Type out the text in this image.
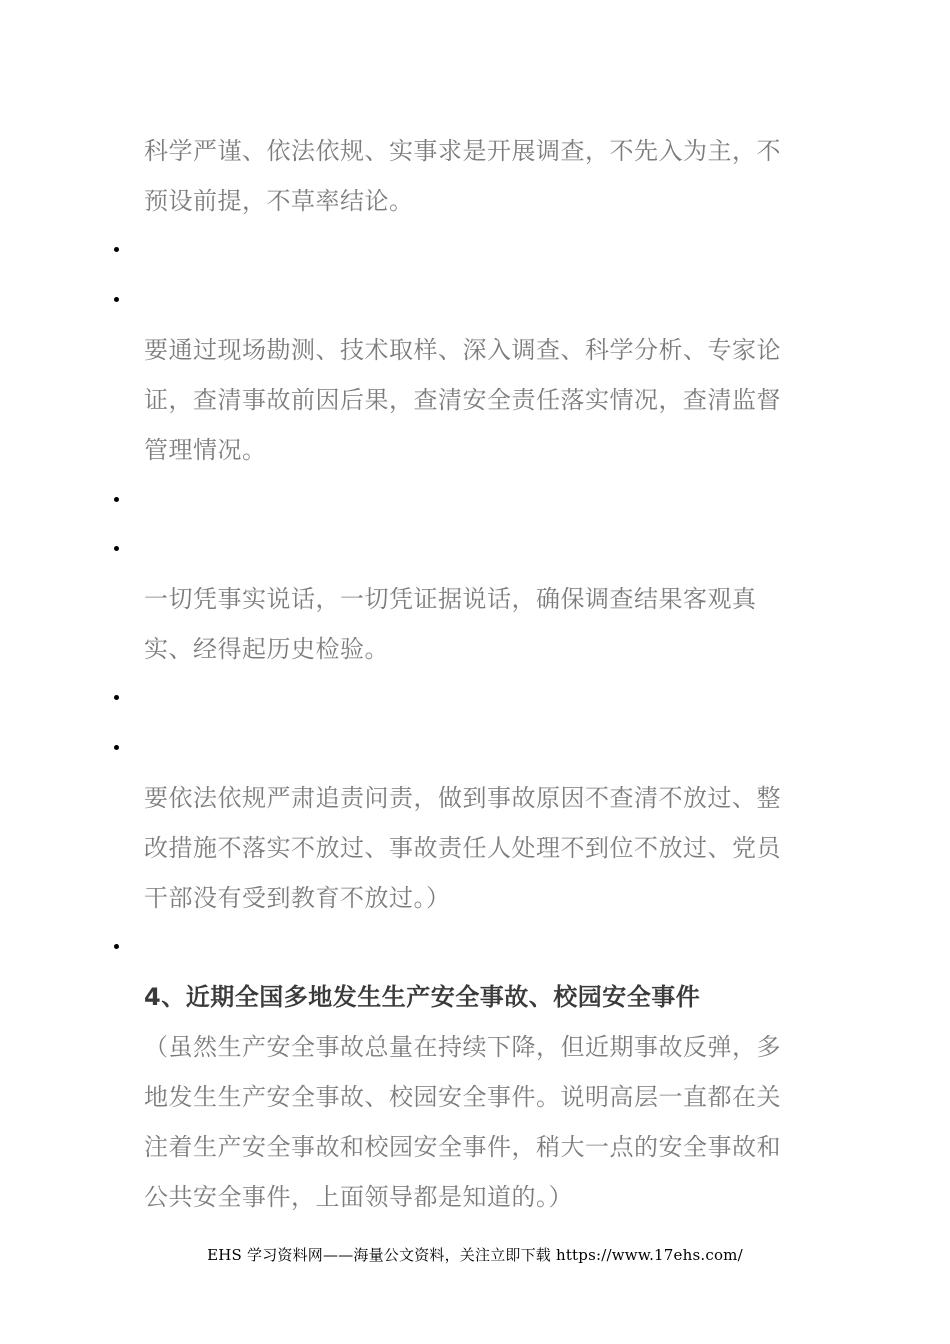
科学严谨、依法依规、实事求是开展调查，不先入为主，不预设前提，不草率结论。
要通过现场勘测、技术取样、深入调查、科学分析、专家论证，查清事故前因后果，查清安全责任落实情况，查清监督管理情况。
一切凭事实说话，一切凭证据说话，确保调查结果客观真实、经得起历史检验。
要依法依规严肃追责问责，做到事故原因不查清不放过、整改措施不落实不放过、事故责任人处理不到位不放过、党员干部没有受到教育不放过。）
4、近期全国多地发生生产安全事故、校园安全事件
（虽然生产安全事故总量在持续下降，但近期事故反弹，多地发生生产安全事故、校园安全事件。说明高层一直都在关注着生产安全事故和校园安全事件，稍大一点的安全事故和公共安全事件，上面领导都是知道的。）
EHS 学习资料网——海量公文资料，关注立即下载 https://www.17ehs.com/
